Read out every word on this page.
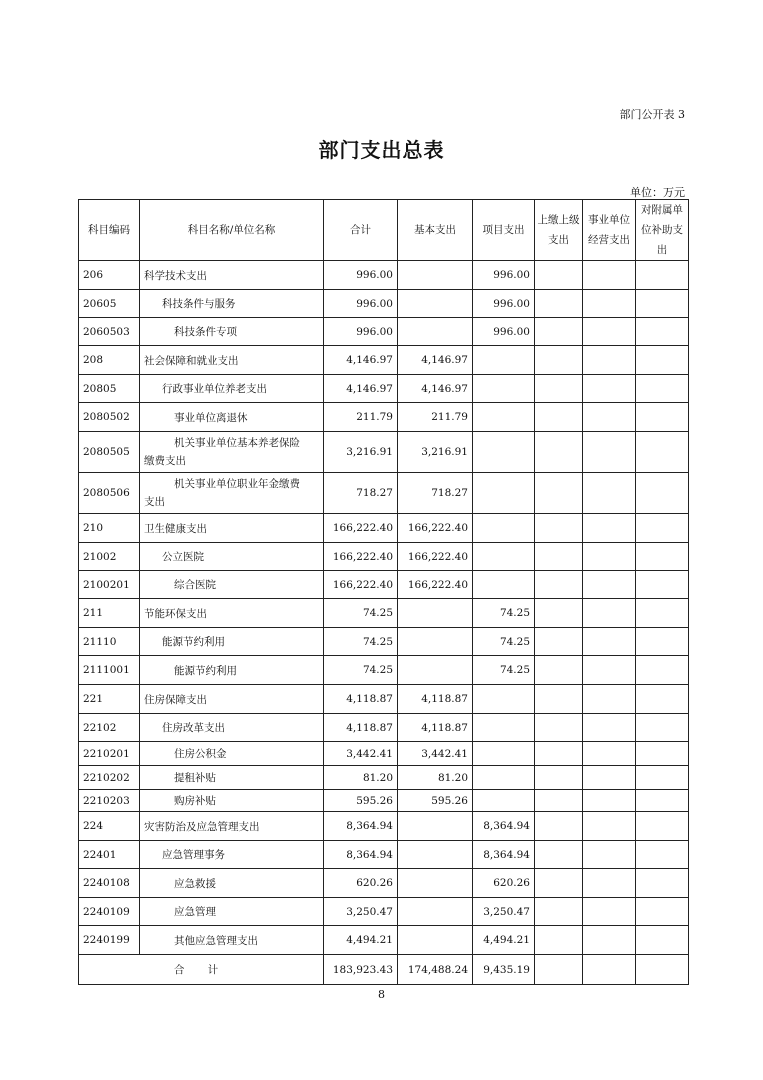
部门公开表 3
部门支出总表
单位：万元
科目编码	科目名称/单位名称	合计	基本支出	项目支出	上缴上级支出	事业单位经营支出	对附属单位补助支出
206	科学技术支出	996.00		996.00			
20605	科技条件与服务	996.00		996.00			
2060503	科技条件专项	996.00		996.00			
208	社会保障和就业支出	4,146.97	4,146.97				
20805	行政事业单位养老支出	4,146.97	4,146.97				
2080502	事业单位离退休	211.79	211.79				
2080505	机关事业单位基本养老保险
缴费支出	3,216.91	3,216.91				
2080506	机关事业单位职业年金缴费
支出	718.27	718.27				
210	卫生健康支出	166,222.40	166,222.40				
21002	公立医院	166,222.40	166,222.40				
2100201	综合医院	166,222.40	166,222.40				
211	节能环保支出	74.25		74.25			
21110	能源节约利用	74.25		74.25			
2111001	能源节约利用	74.25		74.25			
221	住房保障支出	4,118.87	4,118.87				
22102	住房改革支出	4,118.87	4,118.87				
2210201	住房公积金	3,442.41	3,442.41				
2210202	提租补贴	81.20	81.20				
2210203	购房补贴	595.26	595.26				
224	灾害防治及应急管理支出	8,364.94		8,364.94			
22401	应急管理事务	8,364.94		8,364.94			
2240108	应急救援	620.26		620.26			
2240109	应急管理	3,250.47		3,250.47			
2240199	其他应急管理支出	4,494.21		4,494.21			
合 计		183,923.43	174,488.24	9,435.19			
8
